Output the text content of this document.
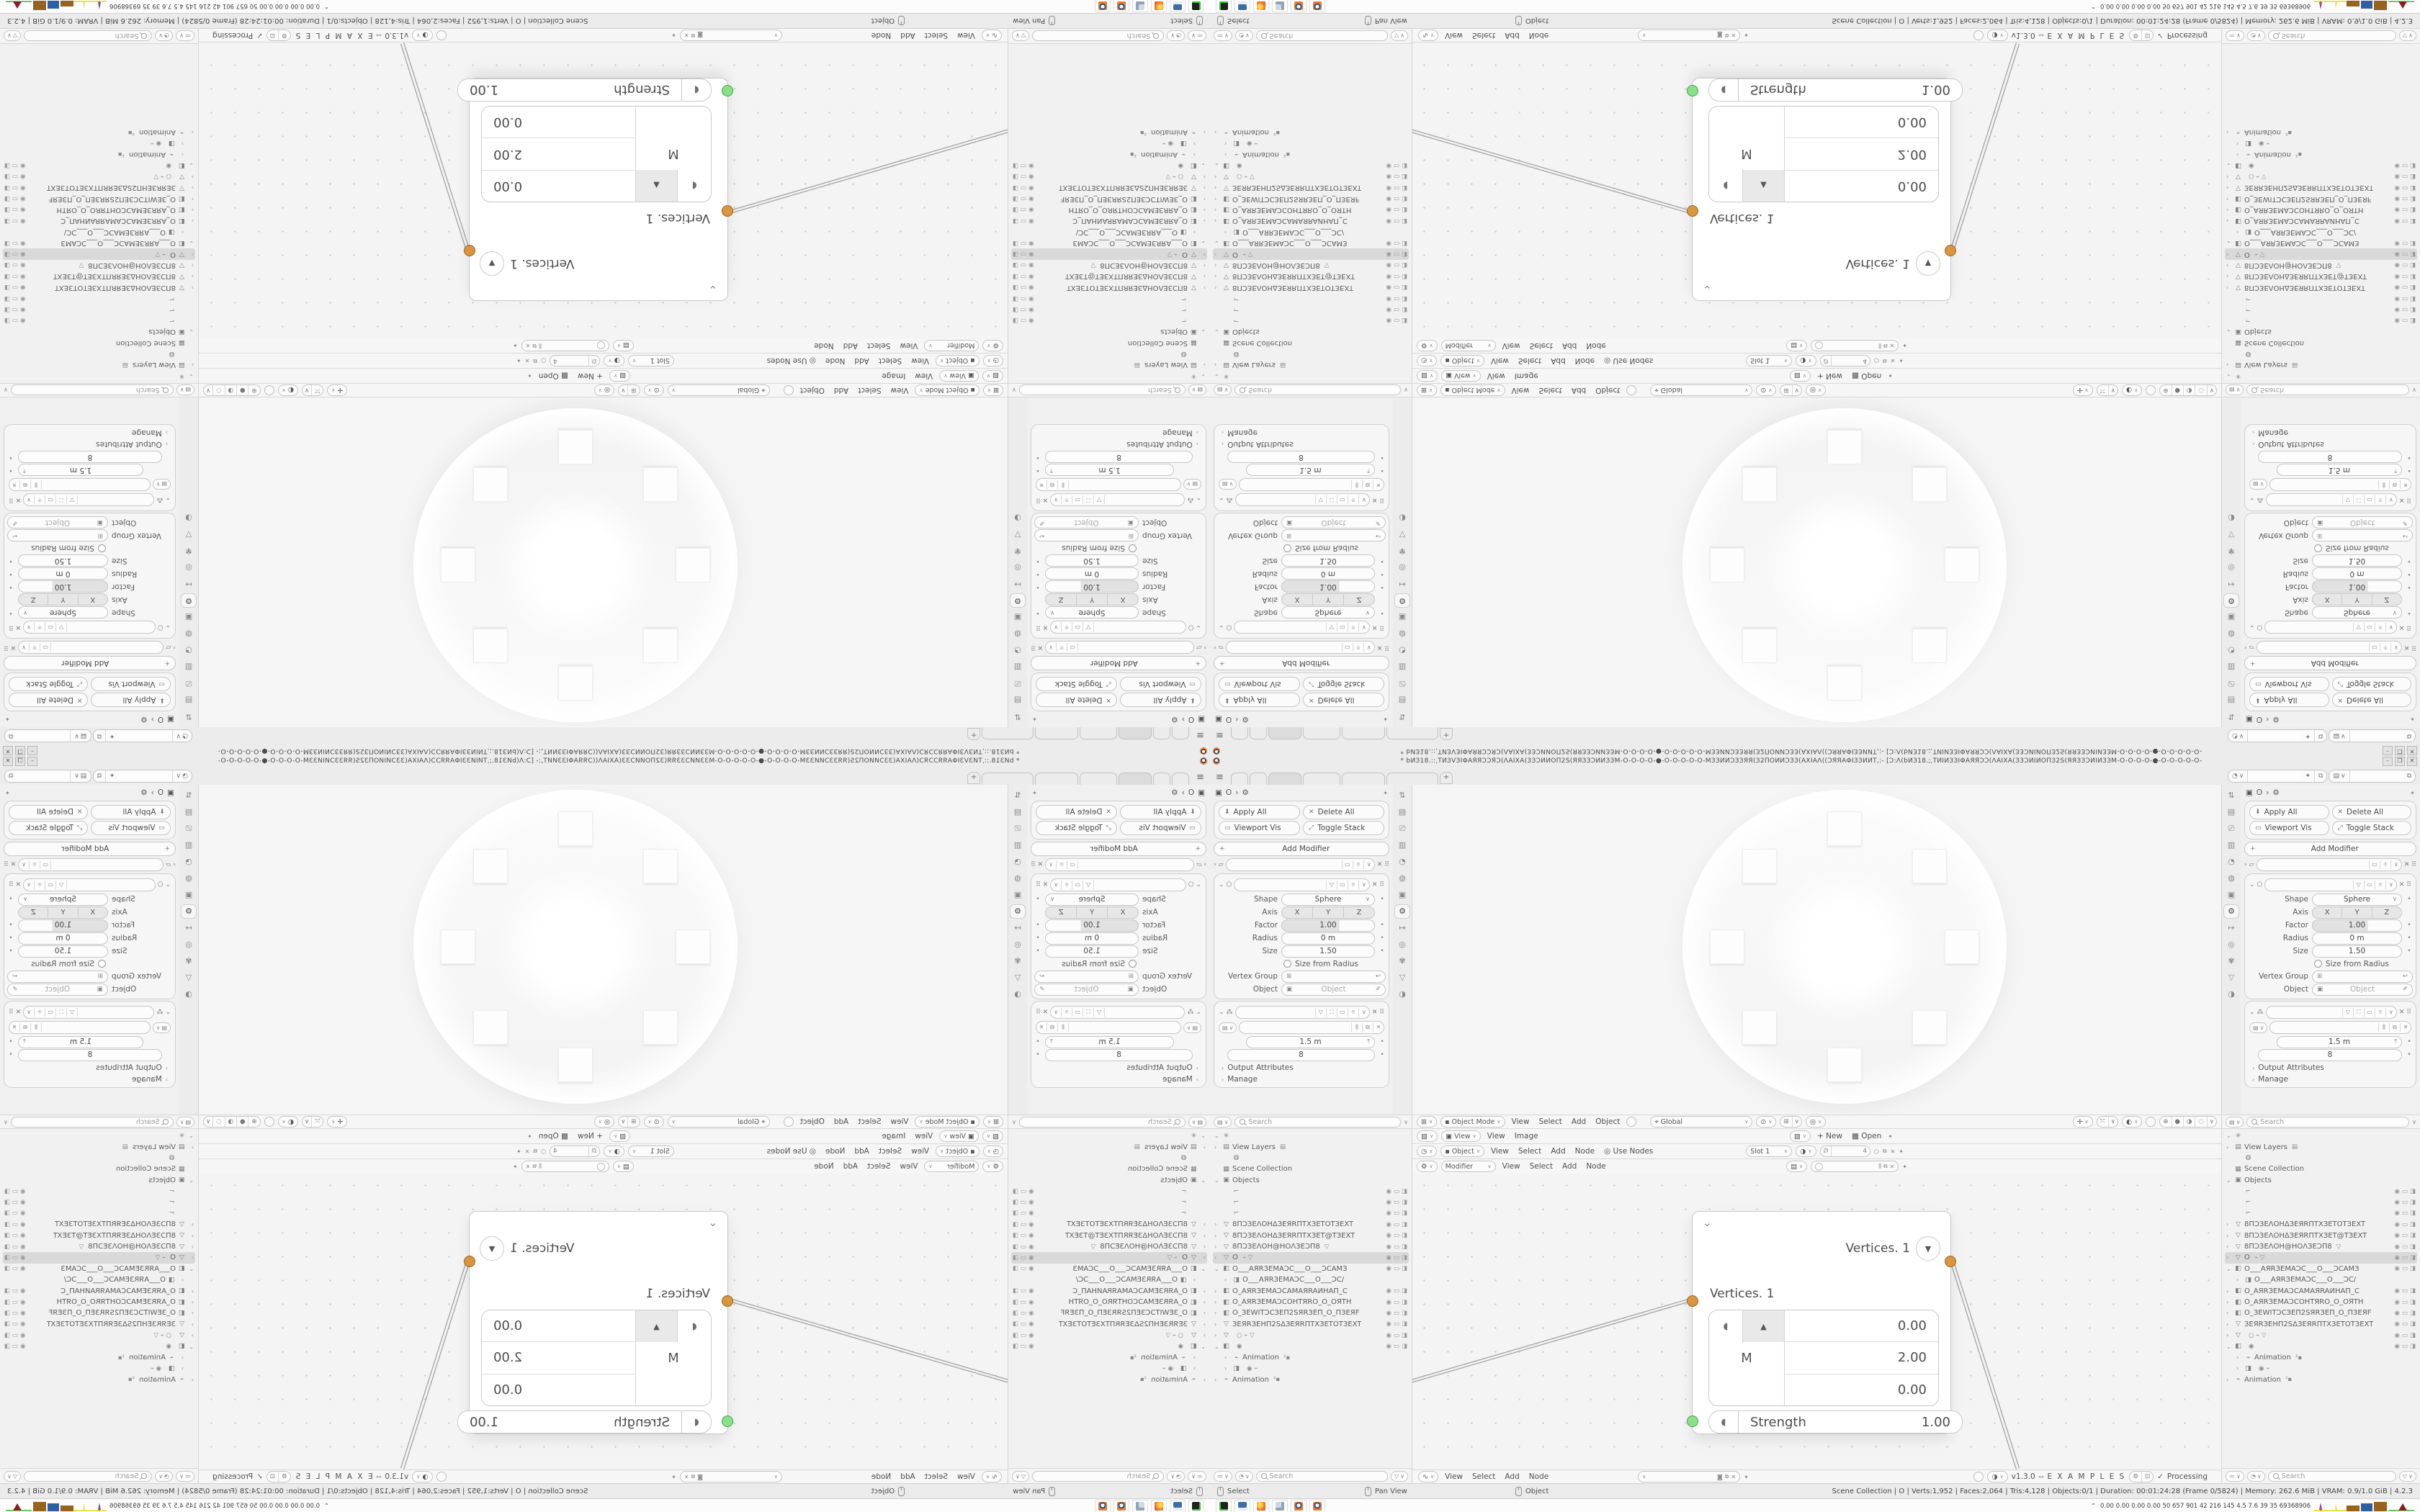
* bИЗ18.::ˌTИЗVЗIΦAЯЯƆƆЯƆ(ΛAIXA(ЗЗƆИИOП2S(ЯЯЗЗƆИИЗЗM-O-O-O-O-●-O-O-O-O-O-MЗЗИИƆЗЗЯЯ(З2ПOИИƆЗЗ(AXIAΛ((ƆЯЯAΦIЗЗИИT,:- [Ɔ:Λ(bИЗ18.;ˌTИIИЗЗIΦAЯЯƆƆ(ΛAIXA(ЗЗƆИIИOПЗ2S(ЯЯЗЗƆИIИЗЗM-O-O-O-O-●-O-O-O-O-O-
–
❐
✕
≡
+
◔
∨
✦
⧉
▤
∨
⧉
▣
O
›
⚙
✦
⬇
Apply All
✕
Delete All
▭
Viewport Vis
⤢
Toggle Stack
+
Add Modifier
›
▱
▭
⌾
∨
✕
⠿
⌄
⬠
▽
▭
⌾
∨
✕
⠿
Shape
Sphere
∨
•
Axis
X
Y
Z
Factor
1.00
•
Radius
0 m
•
Size
1.50
•
Size from Radius
Vertex Group
⊞
↩
Object
▣
Object
✐
⌄
⁂
▽
⛶
▭
⌾
∨
✕
⠿
▤
∨
⫼
⧉
✕
1.5 m
⤒
•
8
•
›
Output Attributes
›
Manage
⇅
▤
⎚
▥
◔
◍
▣
⚙
↦
◎
✾
▽
◑
▤
∨
Search
∨
⌄
✳
›
▤
View Layers
▤
◍
▦
Scene Collection
⌄
▣
Objects
⌐
◉
▭
◨
⌐
◉
▭
◨
⌐
◉
▭
◨
›
▽
8ПƆЗEΛOHΔЗEЯRПTXЗETOTЗEXT
◉
▭
◨
›
▽
8ПƆЗEΛOHΔЗEЯRПTXЗET@TЗEXT
◉
▭
◨
›
▽
8ПƆЗEΛOH@HOΛЗEƆП8
▽
◉
▭
◨
›
▽
O
⌁ ▽
◉
▭
◨
⌄
◧
O___AЯRЗEMAƆC___O___ƆCAMЗ
◉
▭
◨
›
◨
O___AЯRЗEMAƆC___O___ƆC/
›
◧
O_AЯRЗEMAƆCAMAЯRAИHAП_C
◉
▭
◨
›
◧
O_AЯRЗEMAƆCOHTЯRO_O_OЯTH
◉
▭
◨
›
◧
O_ЗEWITƆCЗEП2SЯRЗEП_O_ПЗEЯF
◉
▭
◨
›
▽
ЗEЯRЗEHП2SΔЗEЯRПTXЗETOTЗEXT
◉
▭
◨
›
▽
○ ⌁ ▽
◉
▭
◨
⌄
◧
◉
◉
▭
◨
›
⌁
Animation
²▪
›
◨
◉ ⌁
›
⌁
Animation
²▪
≔
∨
◔
∨
Search
▽
∨
⊞
∨
▪
Object Mode
∨
View
Select
Add
Object
⌖
Global
∨
⊙
∨
⊞
∨
◎
∨
✛
∨
⤧
∨
◐
∨
⊕
●
◑
◌
∨
▧
∨
▣
View
∨
View
Image
▧
∨
+ New
▩ Open
✦
◷
∨
▪
Object
∨
View
Select
Add
Node
◎ Use Nodes
Slot 1
∨
◑
∨
ⅅ
4
⬡
⧉
✕
✦
⚙
∨
Modifier
∨
View
Select
Add
Node
▤
∨
⫼
⧉
✕
✦
⌄
Vertices. 1
▼
Vertices. 1
◖
▲
M
0.00
2.00
0.00
◖
Strength
1.00
∿
∨
View
Select
Add
Node
∨
◙
⧉
✕
✦
◑
∨
v1.3.0
⚯
E X A M P L E S
⚙
⊡
✓
Processing
▣
O
›
⚙
✦
⬇
Apply All
✕
Delete All
▭
Viewport Vis
⤢
Toggle Stack
+
Add Modifier
›
▱
▭
⌾
∨
✕
⠿
⌄
⬠
▽
▭
⌾
∨
✕
⠿
Shape
Sphere
∨
•
Axis
X
Y
Z
Factor
1.00
•
Radius
0 m
•
Size
1.50
•
Size from Radius
Vertex Group
⊞
↩
Object
▣
Object
✐
⌄
⁂
▽
⛶
▭
⌾
∨
✕
⠿
▤
∨
⫼
⧉
✕
1.5 m
⤒
•
8
•
›
Output Attributes
›
Manage
⇅
▤
⎚
▥
◔
◍
▣
⚙
↦
◎
✾
▽
◑
▤
∨
Search
∨
⌄
✳
›
▤
View Layers
▤
◍
▦
Scene Collection
⌄
▣
Objects
⌐
◉
▭
◨
⌐
◉
▭
◨
⌐
◉
▭
◨
›
▽
8ПƆЗEΛOHΔЗEЯRПTXЗETOTЗEXT
◉
▭
◨
›
▽
8ПƆЗEΛOHΔЗEЯRПTXЗET@TЗEXT
◉
▭
◨
›
▽
8ПƆЗEΛOH@HOΛЗEƆП8
▽
◉
▭
◨
›
▽
O
⌁ ▽
◉
▭
◨
⌄
◧
O___AЯRЗEMAƆC___O___ƆCAMЗ
◉
▭
◨
›
◨
O___AЯRЗEMAƆC___O___ƆC/
›
◧
O_AЯRЗEMAƆCAMAЯRAИHAП_C
◉
▭
◨
›
◧
O_AЯRЗEMAƆCOHTЯRO_O_OЯTH
◉
▭
◨
›
◧
O_ЗEWITƆCЗEП2SЯRЗEП_O_ПЗEЯF
◉
▭
◨
›
▽
ЗEЯRЗEHП2SΔЗEЯRПTXЗETOTЗEXT
◉
▭
◨
›
▽
○ ⌁ ▽
◉
▭
◨
⌄
◧
◉
◉
▭
◨
›
⌁
Animation
²▪
›
◨
◉ ⌁
›
⌁
Animation
²▪
≔
∨
◔
∨
Search
▽
∨
Select
Pan View
Object
Scene Collection | O | Verts:1,952 | Faces:2,064 | Tris:4,128 | Objects:0/1 | Duration: 00:01:24:28 (Frame 0/5824) | Memory: 262.6 MiB | VRAM: 0.9/1.0 GiB | 4.2.3
⌃
0.00 0.00 0.00 0.00 50 657 901 42 216 145 4.5 7.6 39 35 69368906
* bИЗ18.::ˌTИЗVЗIΦAЯЯƆƆЯƆ(ΛAIXA(ЗЗƆИИOП2S(ЯЯЗЗƆИИЗЗM-O-O-O-O-●-O-O-O-O-O-MЗЗИИƆЗЗЯЯ(З2ПOИИƆЗЗ(AXIAΛ((ƆЯЯAΦIЗЗИИT,:- [Ɔ:Λ(bИЗ18.;ˌTИIИЗЗIΦAЯЯƆƆ(ΛAIXA(ЗЗƆИIИOПЗ2S(ЯЯЗЗƆИIИЗЗM-O-O-O-O-●-O-O-O-O-O-	–	❐	✕
≡	+	◔ ∨	✦	⧉	▤ ∨	⧉
▣ O › ⚙	✦
⬇ Apply All	✕ Delete All
▭ Viewport Vis	⤢ Toggle Stack
+	Add Modifier
› ▱	▭	⌾	∨ ✕ ⠿
⌄ ⬠	▽	▭	⌾	∨ ✕ ⠿
Shape	Sphere	∨ •
Axis	X	Y	Z
Factor	1.00	•
Radius	0 m	•
Size	1.50	•
Size from Radius
Vertex Group ⊞	↩
Object ▣	Object	✐
⌄ ⁂	▽	⛶	▭	⌾	∨ ✕ ⠿
▤ ∨	⫼	⧉	✕
1.5 m	⤒ •
8	•
› Output Attributes
› Manage
⇅
▤
⎚
▥
◔
◍
▣
⚙
↦
◎
✾
▽
◑
▤ ∨	Search	∨
⌄ ✳
›	▤ View Layers ▤
◍
▦ Scene Collection
⌄ ▣ Objects
⌐	◉ ▭ ◨
⌐	◉ ▭ ◨
⌐	◉ ▭ ◨
›	▽ 8ПƆЗEΛOHΔЗEЯRПTXЗETOTЗEXT	◉ ▭ ◨
›	▽ 8ПƆЗEΛOHΔЗEЯRПTXЗET@TЗEXT	◉ ▭ ◨
›	▽ 8ПƆЗEΛOH@HOΛЗEƆП8 ▽	◉ ▭ ◨
›	▽ O ⌁ ▽	◉ ▭ ◨
⌄ ◧ O___AЯRЗEMAƆC___O___ƆCAMЗ	◉ ▭ ◨
›	◨ O___AЯRЗEMAƆC___O___ƆC/
›	◧ O_AЯRЗEMAƆCAMAЯRAИHAП_C	◉ ▭ ◨
›	◧ O_AЯRЗEMAƆCOHTЯRO_O_OЯTH	◉ ▭ ◨
›	◧ O_ЗEWITƆCЗEП2SЯRЗEП_O_ПЗEЯF	◉ ▭ ◨
›	▽ ЗEЯRЗEHП2SΔЗEЯRПTXЗETOTЗEXT	◉ ▭ ◨
›	▽	○ ⌁ ▽	◉ ▭ ◨
⌄ ◧ ◉	◉ ▭ ◨
›	⌁ Animation ²▪
›	◨ ◉ ⌁
›	⌁ Animation ²▪
≔ ∨ ◔ ∨	Search	▽ ∨
⊞ ∨ ▪ Object Mode ∨ View Select Add Object	⌖ Global	∨ ⊙ ∨	⊞ ∨	◎ ∨	✛ ∨	⤧ ∨	◐ ∨	⊕	●	◑	◌ ∨
▧ ∨ ▣ View ∨ View Image	▧ ∨ + New ▩ Open ✦
◷ ∨ ▪ Object ∨ View Select Add Node ◎ Use Nodes	Slot 1	∨ ◑ ∨	ⅅ	4	⬡ ⧉ ✕ ✦
⚙ ∨ Modifier	∨ View Select Add Node	▤ ∨	⫼ ⧉ ✕ ✦
⌄
Vertices. 1	▼
Vertices. 1
◖	▲
M
0.00
2.00
0.00
◖	Strength	1.00
∿ ∨ View Select Add Node	∨	◙ ⧉ ✕ ✦	◑ ∨ v1.3.0 ⚯ E X A M P L E S	⚙	⊡ ✓ Processing
▣ O › ⚙	✦
⬇ Apply All	✕ Delete All
▭ Viewport Vis	⤢ Toggle Stack
+	Add Modifier
› ▱	▭	⌾	∨ ✕ ⠿
⌄ ⬠	▽	▭	⌾	∨ ✕ ⠿
Shape	Sphere	∨ •
Axis	X	Y	Z
Factor	1.00	•
Radius	0 m	•
Size	1.50	•
Size from Radius
Vertex Group ⊞	↩
Object ▣	Object	✐
⌄ ⁂	▽	⛶	▭	⌾	∨ ✕ ⠿
▤ ∨	⫼	⧉	✕
1.5 m	⤒ •
8	•
› Output Attributes
› Manage
⇅
▤
⎚
▥
◔
◍
▣
⚙
↦
◎
✾
▽
◑
▤ ∨	Search	∨
⌄ ✳
›	▤ View Layers ▤
◍
▦ Scene Collection
⌄ ▣ Objects
⌐	◉ ▭ ◨
⌐	◉ ▭ ◨
⌐	◉ ▭ ◨
›	▽ 8ПƆЗEΛOHΔЗEЯRПTXЗETOTЗEXT	◉ ▭ ◨
›	▽ 8ПƆЗEΛOHΔЗEЯRПTXЗET@TЗEXT	◉ ▭ ◨
›	▽ 8ПƆЗEΛOH@HOΛЗEƆП8 ▽	◉ ▭ ◨
›	▽ O ⌁ ▽	◉ ▭ ◨
⌄ ◧ O___AЯRЗEMAƆC___O___ƆCAMЗ	◉ ▭ ◨
›	◨ O___AЯRЗEMAƆC___O___ƆC/
›	◧ O_AЯRЗEMAƆCAMAЯRAИHAП_C	◉ ▭ ◨
›	◧ O_AЯRЗEMAƆCOHTЯRO_O_OЯTH	◉ ▭ ◨
›	◧ O_ЗEWITƆCЗEП2SЯRЗEП_O_ПЗEЯF	◉ ▭ ◨
›	▽ ЗEЯRЗEHП2SΔЗEЯRПTXЗETOTЗEXT	◉ ▭ ◨
›	▽	○ ⌁ ▽	◉ ▭ ◨
⌄ ◧ ◉	◉ ▭ ◨
›	⌁ Animation ²▪
›	◨ ◉ ⌁
›	⌁ Animation ²▪
≔ ∨ ◔ ∨	Search	▽ ∨
Select	Pan View	Object	Scene Collection | O | Verts:1,952 | Faces:2,064 | Tris:4,128 | Objects:0/1 | Duration: 00:01:24:28 (Frame 0/5824) | Memory: 262.6 MiB | VRAM: 0.9/1.0 GiB | 4.2.3
⌃ 0.00 0.00 0.00 0.00 50 657 901 42 216 145 4.5 7.6 39 35 69368906
* bИЗ18.::ˌTИЗVЗIΦAЯЯƆƆЯƆ(ΛAIXA(ЗЗƆИИOП2S(ЯЯЗЗƆИИЗЗM-O-O-O-O-●-O-O-O-O-O-MЗЗИИƆЗЗЯЯ(З2ПOИИƆЗЗ(AXIAΛ((ƆЯЯAΦIЗЗИИT,:- [Ɔ:Λ(bИЗ18.;ˌTИIИЗЗIΦAЯЯƆƆ(ΛAIXA(ЗЗƆИIИOПЗ2S(ЯЯЗЗƆИIИЗЗM-O-O-O-O-●-O-O-O-O-O-
–
❐
✕
≡
+
◔
∨
✦
⧉
▤
∨
⧉
▣
O
›
⚙
✦
⬇
Apply All
✕
Delete All
▭
Viewport Vis
⤢
Toggle Stack
+
Add Modifier
›
▱
▭
⌾
∨
✕
⠿
⌄
⬠
▽
▭
⌾
∨
✕
⠿
Shape
Sphere
∨
•
Axis
X
Y
Z
Factor
1.00
•
Radius
0 m
•
Size
1.50
•
Size from Radius
Vertex Group
⊞
↩
Object
▣
Object
✐
⌄
⁂
▽
⛶
▭
⌾
∨
✕
⠿
▤
∨
⫼
⧉
✕
1.5 m
⤒
•
8
•
›
Output Attributes
›
Manage
⇅
▤
⎚
▥
◔
◍
▣
⚙
↦
◎
✾
▽
◑
▤
∨
Search
∨
⌄
✳
›
▤
View Layers
▤
◍
▦
Scene Collection
⌄
▣
Objects
⌐
◉
▭
◨
⌐
◉
▭
◨
⌐
◉
▭
◨
›
▽
8ПƆЗEΛOHΔЗEЯRПTXЗETOTЗEXT
◉
▭
◨
›
▽
8ПƆЗEΛOHΔЗEЯRПTXЗET@TЗEXT
◉
▭
◨
›
▽
8ПƆЗEΛOH@HOΛЗEƆП8
▽
◉
▭
◨
›
▽
O
⌁ ▽
◉
▭
◨
⌄
◧
O___AЯRЗEMAƆC___O___ƆCAMЗ
◉
▭
◨
›
◨
O___AЯRЗEMAƆC___O___ƆC/
›
◧
O_AЯRЗEMAƆCAMAЯRAИHAП_C
◉
▭
◨
›
◧
O_AЯRЗEMAƆCOHTЯRO_O_OЯTH
◉
▭
◨
›
◧
O_ЗEWITƆCЗEП2SЯRЗEП_O_ПЗEЯF
◉
▭
◨
›
▽
ЗEЯRЗEHП2SΔЗEЯRПTXЗETOTЗEXT
◉
▭
◨
›
▽
○ ⌁ ▽
◉
▭
◨
⌄
◧
◉
◉
▭
◨
›
⌁
Animation
²▪
›
◨
◉ ⌁
›
⌁
Animation
²▪
≔
∨
◔
∨
Search
▽
∨
⊞
∨
▪
Object Mode
∨
View
Select
Add
Object
⌖
Global
∨
⊙
∨
⊞
∨
◎
∨
✛
∨
⤧
∨
◐
∨
⊕
●
◑
◌
∨
▧
∨
▣
View
∨
View
Image
▧
∨
+ New
▩ Open
✦
◷
∨
▪
Object
∨
View
Select
Add
Node
◎ Use Nodes
Slot 1
∨
◑
∨
ⅅ
4
⬡
⧉
✕
✦
⚙
∨
Modifier
∨
View
Select
Add
Node
▤
∨
⫼
⧉
✕
✦
⌄
Vertices. 1
▼
Vertices. 1
◖
▲
M
0.00
2.00
0.00
◖
Strength
1.00
∿
∨
View
Select
Add
Node
∨
◙
⧉
✕
✦
◑
∨
v1.3.0
⚯
E X A M P L E S
⚙
⊡
✓
Processing
▣
O
›
⚙
✦
⬇
Apply All
✕
Delete All
▭
Viewport Vis
⤢
Toggle Stack
+
Add Modifier
›
▱
▭
⌾
∨
✕
⠿
⌄
⬠
▽
▭
⌾
∨
✕
⠿
Shape
Sphere
∨
•
Axis
X
Y
Z
Factor
1.00
•
Radius
0 m
•
Size
1.50
•
Size from Radius
Vertex Group
⊞
↩
Object
▣
Object
✐
⌄
⁂
▽
⛶
▭
⌾
∨
✕
⠿
▤
∨
⫼
⧉
✕
1.5 m
⤒
•
8
•
›
Output Attributes
›
Manage
⇅
▤
⎚
▥
◔
◍
▣
⚙
↦
◎
✾
▽
◑
▤
∨
Search
∨
⌄
✳
›
▤
View Layers
▤
◍
▦
Scene Collection
⌄
▣
Objects
⌐
◉
▭
◨
⌐
◉
▭
◨
⌐
◉
▭
◨
›
▽
8ПƆЗEΛOHΔЗEЯRПTXЗETOTЗEXT
◉
▭
◨
›
▽
8ПƆЗEΛOHΔЗEЯRПTXЗET@TЗEXT
◉
▭
◨
›
▽
8ПƆЗEΛOH@HOΛЗEƆП8
▽
◉
▭
◨
›
▽
O
⌁ ▽
◉
▭
◨
⌄
◧
O___AЯRЗEMAƆC___O___ƆCAMЗ
◉
▭
◨
›
◨
O___AЯRЗEMAƆC___O___ƆC/
›
◧
O_AЯRЗEMAƆCAMAЯRAИHAП_C
◉
▭
◨
›
◧
O_AЯRЗEMAƆCOHTЯRO_O_OЯTH
◉
▭
◨
›
◧
O_ЗEWITƆCЗEП2SЯRЗEП_O_ПЗEЯF
◉
▭
◨
›
▽
ЗEЯRЗEHП2SΔЗEЯRПTXЗETOTЗEXT
◉
▭
◨
›
▽
○ ⌁ ▽
◉
▭
◨
⌄
◧
◉
◉
▭
◨
›
⌁
Animation
²▪
›
◨
◉ ⌁
›
⌁
Animation
²▪
≔
∨
◔
∨
Search
▽
∨
Select
Pan View
Object
Scene Collection | O | Verts:1,952 | Faces:2,064 | Tris:4,128 | Objects:0/1 | Duration: 00:01:24:28 (Frame 0/5824) | Memory: 262.6 MiB | VRAM: 0.9/1.0 GiB | 4.2.3
⌃
0.00 0.00 0.00 0.00 50 657 901 42 216 145 4.5 7.6 39 35 69368906
* bИЗ18.::ˌTИЗVЗIΦAЯЯƆƆЯƆ(ΛAIXA(ЗЗƆИИOП2S(ЯЯЗЗƆИИЗЗM-O-O-O-O-●-O-O-O-O-O-MЗЗИИƆЗЗЯЯ(З2ПOИИƆЗЗ(AXIAΛ((ƆЯЯAΦIЗЗИИT,:- [Ɔ:Λ(bИЗ18.;ˌTИIИЗЗIΦAЯЯƆƆ(ΛAIXA(ЗЗƆИIИOПЗ2S(ЯЯЗЗƆИIИЗЗM-O-O-O-O-●-O-O-O-O-O-	–	❐	✕
≡	+	◔ ∨	✦	⧉	▤ ∨	⧉
▣ O › ⚙	✦
⬇ Apply All	✕ Delete All
▭ Viewport Vis	⤢ Toggle Stack
+	Add Modifier
› ▱	▭	⌾	∨ ✕ ⠿
⌄ ⬠	▽	▭	⌾	∨ ✕ ⠿
Shape	Sphere	∨ •
Axis	X	Y	Z
Factor	1.00	•
Radius	0 m	•
Size	1.50	•
Size from Radius
Vertex Group ⊞	↩
Object ▣	Object	✐
⌄ ⁂	▽	⛶	▭	⌾	∨ ✕ ⠿
▤ ∨	⫼	⧉	✕
1.5 m	⤒ •
8	•
› Output Attributes
› Manage
⇅
▤
⎚
▥
◔
◍
▣
⚙
↦
◎
✾
▽
◑
▤ ∨	Search	∨
⌄ ✳
›	▤ View Layers ▤
◍
▦ Scene Collection
⌄ ▣ Objects
⌐	◉ ▭ ◨
⌐	◉ ▭ ◨
⌐	◉ ▭ ◨
›	▽ 8ПƆЗEΛOHΔЗEЯRПTXЗETOTЗEXT	◉ ▭ ◨
›	▽ 8ПƆЗEΛOHΔЗEЯRПTXЗET@TЗEXT	◉ ▭ ◨
›	▽ 8ПƆЗEΛOH@HOΛЗEƆП8 ▽	◉ ▭ ◨
›	▽ O ⌁ ▽	◉ ▭ ◨
⌄ ◧ O___AЯRЗEMAƆC___O___ƆCAMЗ	◉ ▭ ◨
›	◨ O___AЯRЗEMAƆC___O___ƆC/
›	◧ O_AЯRЗEMAƆCAMAЯRAИHAП_C	◉ ▭ ◨
›	◧ O_AЯRЗEMAƆCOHTЯRO_O_OЯTH	◉ ▭ ◨
›	◧ O_ЗEWITƆCЗEП2SЯRЗEП_O_ПЗEЯF	◉ ▭ ◨
›	▽ ЗEЯRЗEHП2SΔЗEЯRПTXЗETOTЗEXT	◉ ▭ ◨
›	▽	○ ⌁ ▽	◉ ▭ ◨
⌄ ◧ ◉	◉ ▭ ◨
›	⌁ Animation ²▪
›	◨ ◉ ⌁
›	⌁ Animation ²▪
≔ ∨ ◔ ∨	Search	▽ ∨
⊞ ∨ ▪ Object Mode ∨ View Select Add Object	⌖ Global	∨ ⊙ ∨	⊞ ∨	◎ ∨	✛ ∨	⤧ ∨	◐ ∨	⊕	●	◑	◌ ∨
▧ ∨ ▣ View ∨ View Image	▧ ∨ + New ▩ Open ✦
◷ ∨ ▪ Object ∨ View Select Add Node ◎ Use Nodes	Slot 1	∨ ◑ ∨	ⅅ	4	⬡ ⧉ ✕ ✦
⚙ ∨ Modifier	∨ View Select Add Node	▤ ∨	⫼ ⧉ ✕ ✦
⌄
Vertices. 1	▼
Vertices. 1
◖	▲
M
0.00
2.00
0.00
◖	Strength	1.00
∿ ∨ View Select Add Node	∨	◙ ⧉ ✕ ✦	◑ ∨ v1.3.0 ⚯ E X A M P L E S	⚙	⊡ ✓ Processing
▣ O › ⚙	✦
⬇ Apply All	✕ Delete All
▭ Viewport Vis	⤢ Toggle Stack
+	Add Modifier
› ▱	▭	⌾	∨ ✕ ⠿
⌄ ⬠	▽	▭	⌾	∨ ✕ ⠿
Shape	Sphere	∨ •
Axis	X	Y	Z
Factor	1.00	•
Radius	0 m	•
Size	1.50	•
Size from Radius
Vertex Group ⊞	↩
Object ▣	Object	✐
⌄ ⁂	▽	⛶	▭	⌾	∨ ✕ ⠿
▤ ∨	⫼	⧉	✕
1.5 m	⤒ •
8	•
› Output Attributes
› Manage
⇅
▤
⎚
▥
◔
◍
▣
⚙
↦
◎
✾
▽
◑
▤ ∨	Search	∨
⌄ ✳
›	▤ View Layers ▤
◍
▦ Scene Collection
⌄ ▣ Objects
⌐	◉ ▭ ◨
⌐	◉ ▭ ◨
⌐	◉ ▭ ◨
›	▽ 8ПƆЗEΛOHΔЗEЯRПTXЗETOTЗEXT	◉ ▭ ◨
›	▽ 8ПƆЗEΛOHΔЗEЯRПTXЗET@TЗEXT	◉ ▭ ◨
›	▽ 8ПƆЗEΛOH@HOΛЗEƆП8 ▽	◉ ▭ ◨
›	▽ O ⌁ ▽	◉ ▭ ◨
⌄ ◧ O___AЯRЗEMAƆC___O___ƆCAMЗ	◉ ▭ ◨
›	◨ O___AЯRЗEMAƆC___O___ƆC/
›	◧ O_AЯRЗEMAƆCAMAЯRAИHAП_C	◉ ▭ ◨
›	◧ O_AЯRЗEMAƆCOHTЯRO_O_OЯTH	◉ ▭ ◨
›	◧ O_ЗEWITƆCЗEП2SЯRЗEП_O_ПЗEЯF	◉ ▭ ◨
›	▽ ЗEЯRЗEHП2SΔЗEЯRПTXЗETOTЗEXT	◉ ▭ ◨
›	▽	○ ⌁ ▽	◉ ▭ ◨
⌄ ◧ ◉	◉ ▭ ◨
›	⌁ Animation ²▪
›	◨ ◉ ⌁
›	⌁ Animation ²▪
≔ ∨ ◔ ∨	Search	▽ ∨
Select	Pan View	Object	Scene Collection | O | Verts:1,952 | Faces:2,064 | Tris:4,128 | Objects:0/1 | Duration: 00:01:24:28 (Frame 0/5824) | Memory: 262.6 MiB | VRAM: 0.9/1.0 GiB | 4.2.3
⌃ 0.00 0.00 0.00 0.00 50 657 901 42 216 145 4.5 7.6 39 35 69368906
